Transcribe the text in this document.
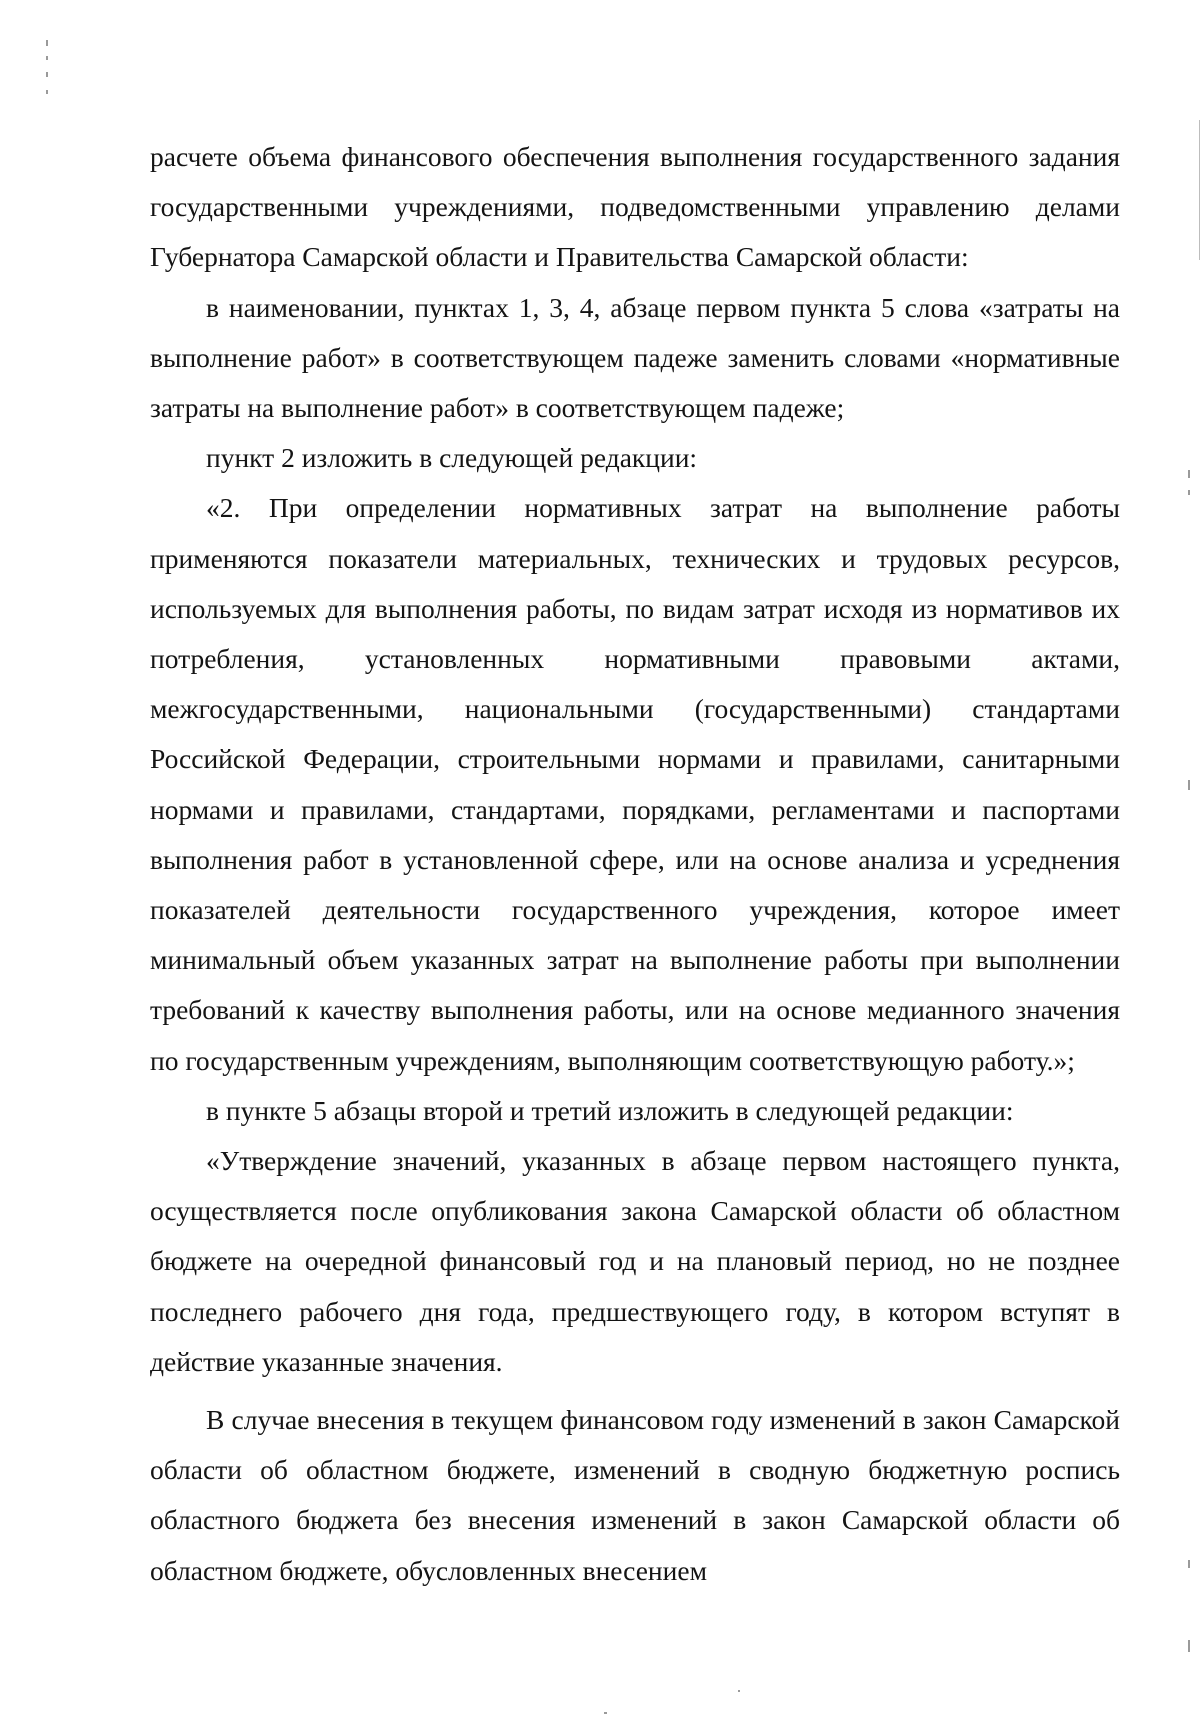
расчете объема финансового обеспечения выполнения государственного задания государственными учреждениями, подведомственными управлению делами Губернатора Самарской области и Правительства Самарской области:

в наименовании, пунктах 1, 3, 4, абзаце первом пункта 5 слова «затраты на выполнение работ» в соответствующем падеже заменить словами «нормативные затраты на выполнение работ» в соответствующем падеже;

пункт 2 изложить в следующей редакции:

«2. При определении нормативных затрат на выполнение работы применяются показатели материальных, технических и трудовых ресурсов, используемых для выполнения работы, по видам затрат исходя из нормативов их потребления, установленных нормативными правовыми актами, межгосударственными, национальными (государственными) стандартами Российской Федерации, строительными нормами и правилами, санитарными нормами и правилами, стандартами, порядками, регламентами и паспортами выполнения работ в установленной сфере, или на основе анализа и усреднения показателей деятельности государственного учреждения, которое имеет минимальный объем указанных затрат на выполнение работы при выполнении требований к качеству выполнения работы, или на основе медианного значения по государственным учреждениям, выполняющим соответствующую работу.»;

в пункте 5 абзацы второй и третий изложить в следующей редакции:

«Утверждение значений, указанных в абзаце первом настоящего пункта, осуществляется после опубликования закона Самарской области об областном бюджете на очередной финансовый год и на плановый период, но не позднее последнего рабочего дня года, предшествующего году, в котором вступят в действие указанные значения.

В случае внесения в текущем финансовом году изменений в закон Самарской области об областном бюджете, изменений в сводную бюджетную роспись областного бюджета без внесения изменений в закон Самарской области об областном бюджете, обусловленных внесением
